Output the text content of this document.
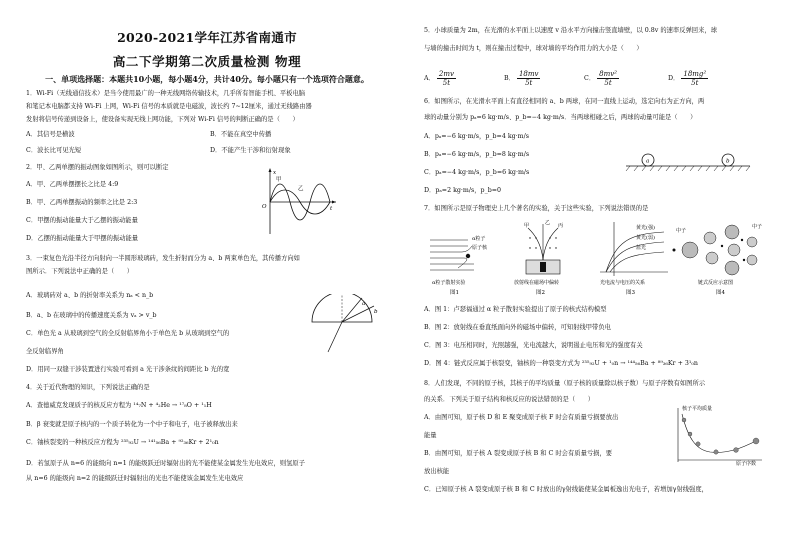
2020-2021学年江苏省南通市
高二下学期第二次质量检测 物理
一、单项选择题：本题共10小题，每小题4分，共计40分。每小题只有一个选项符合题意。
1．Wi-Fi（无线通信技术）是当今使用最广的一种无线网络传输技术，几乎所有智能手机、平板电脑
和笔记本电脑都支持 Wi-Fi 上网，Wi-Fi 信号的本质就是电磁波，波长约 7~12厘米，通过无线路由器
发射将信号传递到设备上，使设备实现无线上网功能，下列对 Wi-Fi 信号的判断正确的是（　　）
A．其信号是横波	B．不能在真空中传播
C．波长比可见光短	D．不能产生干涉和衍射现象
2．甲、乙两单摆的振动图象如图所示，则可以断定
A．甲、乙两单摆摆长之比是 4:9
B．甲、乙两单摆振动的频率之比是 2:3
C．甲摆的振动能量大于乙摆的振动能量
D．乙摆的振动能量大于甲摆的振动能量
x
t
O
甲
乙
3．一束复色光沿半径方向射向一半圆形玻璃砖，发生折射而分为 a、b 两束单色光，其传播方向如
图所示．下列说法中正确的是（　　）
A．玻璃砖对 a、b 的折射率关系为 nₐ < n_b
B．a、b 在玻璃中的传播速度关系为 vₐ > v_b
C．单色光 a 从玻璃到空气的全反射临界角小于单色光 b 从玻璃到空气的
全反射临界角
D．用同一双缝干涉装置进行实验可看到 a 光干涉条纹的间距比 b 光的宽
a
b
4．关于近代物理的知识，下列说法正确的是
A．查德威克发现质子的核反应方程为 ¹⁴₇N + ⁴₂He → ¹⁷₈O + ¹₁H
B．β 衰变就是原子核内的一个质子转化为一个中子和电子，电子被释放出来
C．铀核裂变的一种核反应方程为 ²³⁵₉₂U → ¹⁴¹₅₆Ba + ⁹²₃₆Kr + 2¹₀n
D．若氢原子从 n=6 的能级向 n=1 的能级跃迁时辐射出的光不能使某金属发生光电效应，则氢原子
从 n=6 的能级向 n=2 的能级跃迁时辐射出的光也不能使该金属发生光电效应
5．小球质量为 2m，在光滑的水平面上以速度 v 沿水平方向撞击竖直墙壁，以 0.8v 的速率反弹回来，球
与墙的撞击时间为 t，则在撞击过程中，球对墙的平均作用力的大小是（　　）
A． $\frac{2mv}{5t}$	B． $\frac{18mv}{5t}$	C． $\frac{\text{8mv²}}{5t}$	D． $\frac{\text{18mg²}}{5t}$
6．如图所示，在光滑水平面上有直径相同的 a、b 两球，在同一直线上运动，选定向右为正方向，两
球的动量分别为 pₐ=6 kg·m/s、p_b=−4 kg·m/s．当两球相碰之后，两球的动量可能是（　　）
A．pₐ=−6 kg·m/s，p_b=4 kg·m/s
B．pₐ=−6 kg·m/s，p_b=8 kg·m/s
C．pₐ=−4 kg·m/s，p_b=6 kg·m/s
D．pₐ=2 kg·m/s，p_b=0
a	b
7．如图所示是原子物理史上几个著名的实验，关于这些实验，下列说法错误的是
α粒子
原子核
α粒子散射实验
图1
甲	乙 丙
放射线在磁场中偏转
图2
黄光(强)
黄光(弱)
蓝光
光电流与电压的关系
图3
中子
中子
链式反应示意图
图4
A．图 1：卢瑟福通过 α 粒子散射实验提出了原子的核式结构模型
B．图 2：放射线在垂直纸面向外的磁场中偏转，可知射线甲带负电
C．图 3：电压相同时，光照越强，光电流越大，说明遏止电压和光的强度有关
D．图 4：链式反应属于核裂变，铀核的一种裂变方式为 ²³⁵₉₂U + ¹₀n → ¹⁴⁴₅₆Ba + ⁸⁹₃₆Kr + 3¹₀n
8．人们发现，不同的原子核，其核子的平均质量（原子核的质量除以核子数）与原子序数有如图所示
的关系．下列关于原子结构和核反应的说法错误的是（　　）
A．由图可知，原子核 D 和 E 聚变成原子核 F 时会有质量亏损要放出
能量
B．由图可知，原子核 A 裂变成原子核 B 和 C 时会有质量亏损，要
放出核能
C．已知原子核 A 裂变成原子核 B 和 C 时放出的γ射线能使某金属板逸出光电子，若增加γ射线强度，
核子平均质量
原子序数
